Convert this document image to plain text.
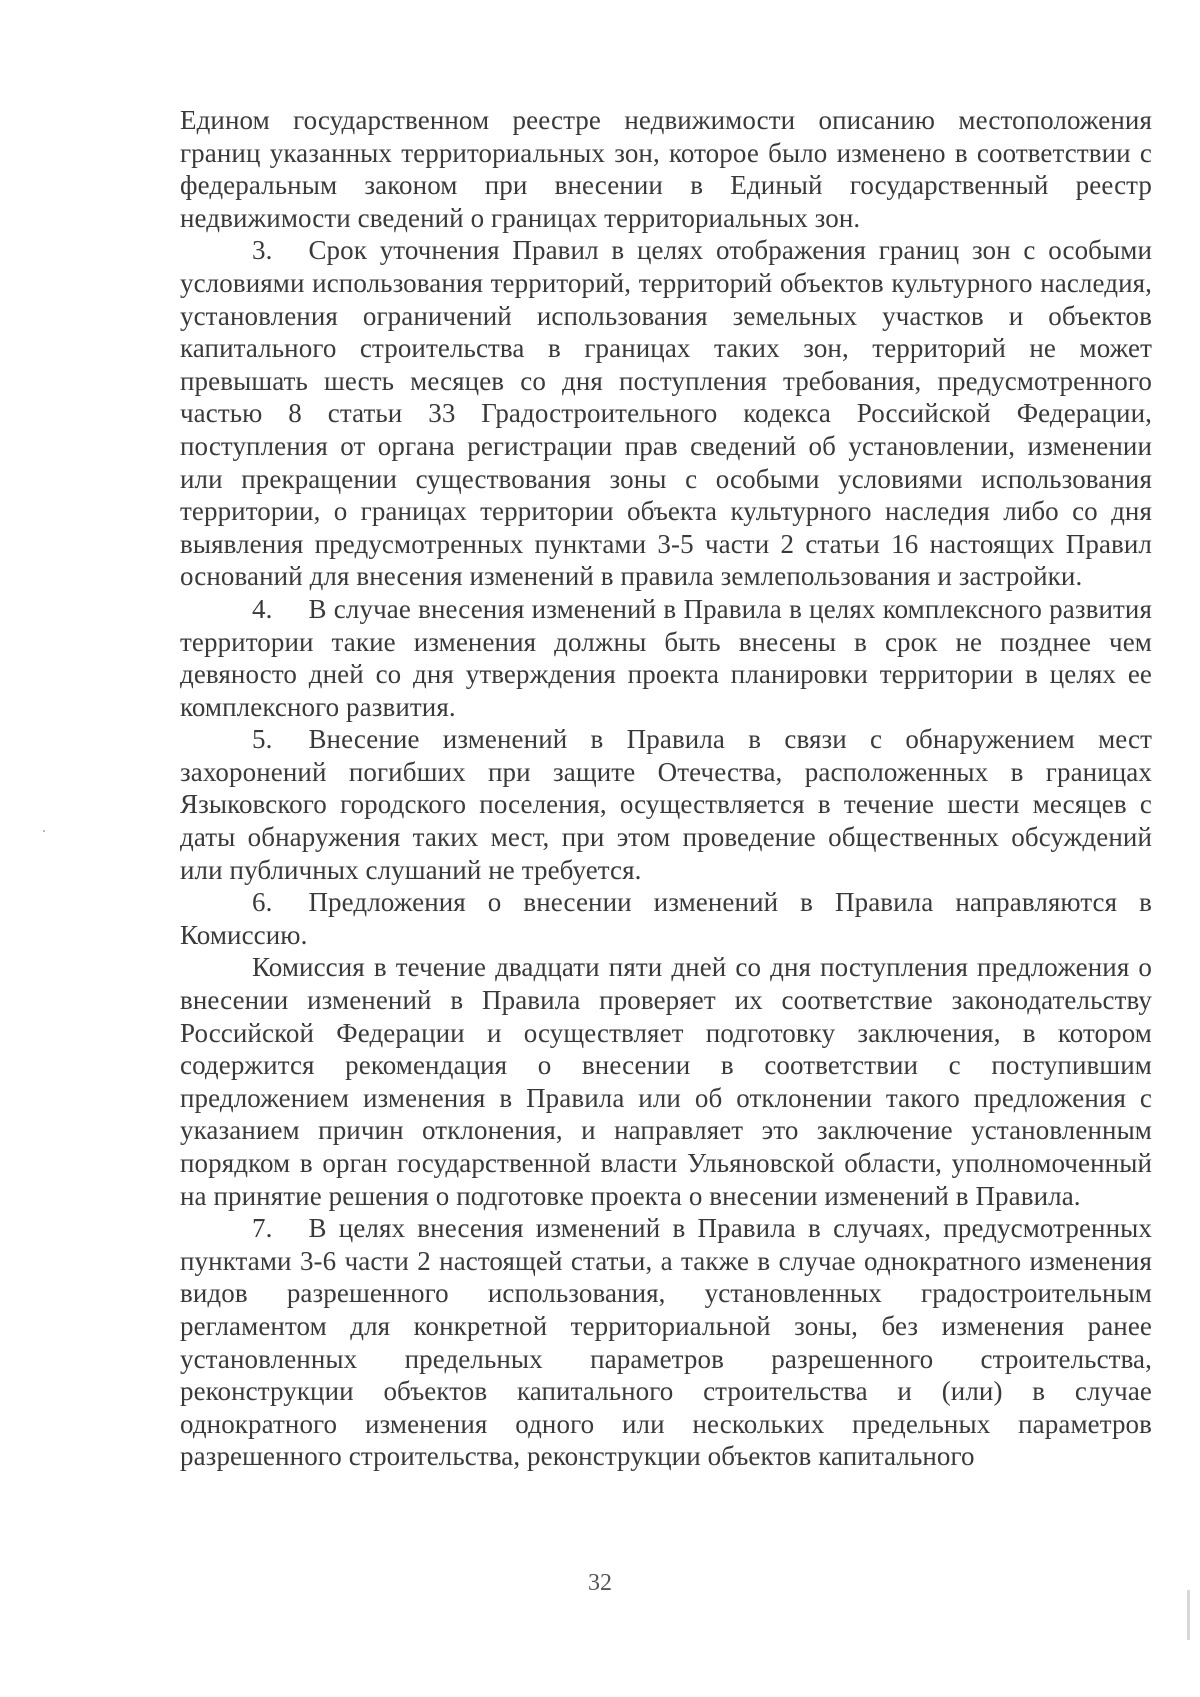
Едином государственном реестре недвижимости описанию местоположения границ указанных территориальных зон, которое было изменено в соответствии с федеральным законом при внесении в Единый государственный реестр недвижимости сведений о границах территориальных зон.

3. Срок уточнения Правил в целях отображения границ зон с особыми условиями использования территорий, территорий объектов культурного наследия, установления ограничений использования земельных участков и объектов капитального строительства в границах таких зон, территорий не может превышать шесть месяцев со дня поступления требования, предусмотренного частью 8 статьи 33 Градостроительного кодекса Российской Федерации, поступления от органа регистрации прав сведений об установлении, изменении или прекращении существования зоны с особыми условиями использования территории, о границах территории объекта культурного наследия либо со дня выявления предусмотренных пунктами 3-5 части 2 статьи 16 настоящих Правил оснований для внесения изменений в правила землепользования и застройки.

4. В случае внесения изменений в Правила в целях комплексного развития территории такие изменения должны быть внесены в срок не позднее чем девяносто дней со дня утверждения проекта планировки территории в целях ее комплексного развития.

5. Внесение изменений в Правила в связи с обнаружением мест захоронений погибших при защите Отечества, расположенных в границах Языковского городского поселения, осуществляется в течение шести месяцев с даты обнаружения таких мест, при этом проведение общественных обсуждений или публичных слушаний не требуется.

6. Предложения о внесении изменений в Правила направляются в Комиссию.

Комиссия в течение двадцати пяти дней со дня поступления предложения о внесении изменений в Правила проверяет их соответствие законодательству Российской Федерации и осуществляет подготовку заключения, в котором содержится рекомендация о внесении в соответствии с поступившим предложением изменения в Правила или об отклонении такого предложения с указанием причин отклонения, и направляет это заключение установленным порядком в орган государственной власти Ульяновской области, уполномоченный на принятие решения о подготовке проекта о внесении изменений в Правила.

7. В целях внесения изменений в Правила в случаях, предусмотренных пунктами 3-6 части 2 настоящей статьи, а также в случае однократного изменения видов разрешенного использования, установленных градостроительным регламентом для конкретной территориальной зоны, без изменения ранее установленных предельных параметров разрешенного строительства, реконструкции объектов капитального строительства и (или) в случае однократного изменения одного или нескольких предельных параметров разрешенного строительства, реконструкции объектов капитального

32
